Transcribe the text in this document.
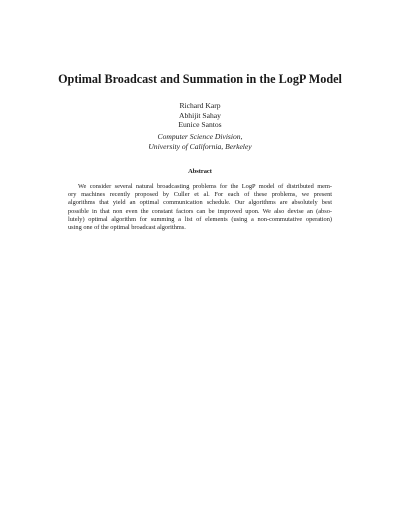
Optimal Broadcast and Summation in the LogP Model
Richard Karp
Abhijit Sahay
Eunice Santos
Computer Science Division,
University of California, Berkeley
Abstract
We consider several natural broadcasting problems for the LogP model of distributed mem-
ory machines recently proposed by Culler et al. For each of these problems, we present
algorithms that yield an optimal communication schedule. Our algorithms are absolutely best
possible in that non even the constant factors can be improved upon. We also devise an (abso-
lutely) optimal algorithm for summing a list of elements (using a non-commutative operation)
using one of the optimal broadcast algorithms.
